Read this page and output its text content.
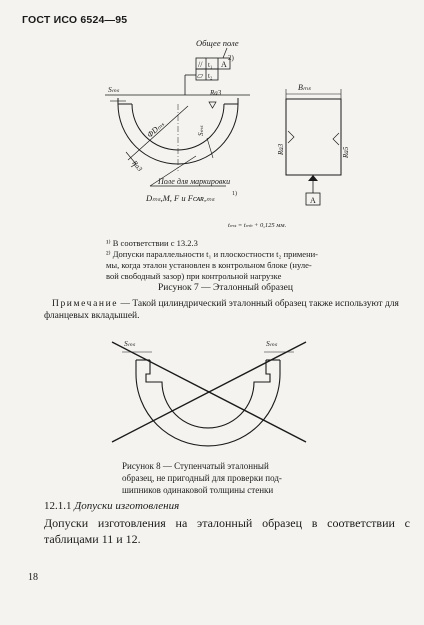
ГОСТ ИСО 6524—95
Общее поле
2)
// t₁ A
▱ t₂
Sₘₛ	Ra3
ΦDₘₛ	Sₘₛ
Ra3
Поле для маркировки
Dₘₛ,M, F и Fᴄᴀʀ,ₘₛ	1)
tₘₛ = tₘₕ + 0,125 мм.
Bₘₛ
Ra3	Ra5
A
¹⁾ В соответствии с 13.2.3
²⁾ Допуски параллельности t₁ и плоскостности t₂ примени-
мы, когда эталон установлен в контрольном блоке (нуле-
вой свободный зазор) при контрольной нагрузке
Рисунок 7 — Эталонный образец
Примечание — Такой цилиндрический эталонный образец также используют для фланцевых вкладышей.
Sₘₛ	Sₘₛ
Рисунок 8 — Ступенчатый эталонный
образец, не пригодный для проверки под-
шипников одинаковой толщины стенки
12.1.1 Допуски изготовления
Допуски изготовления на эталонный образец в соответствии с таблицами 11 и 12.
18
